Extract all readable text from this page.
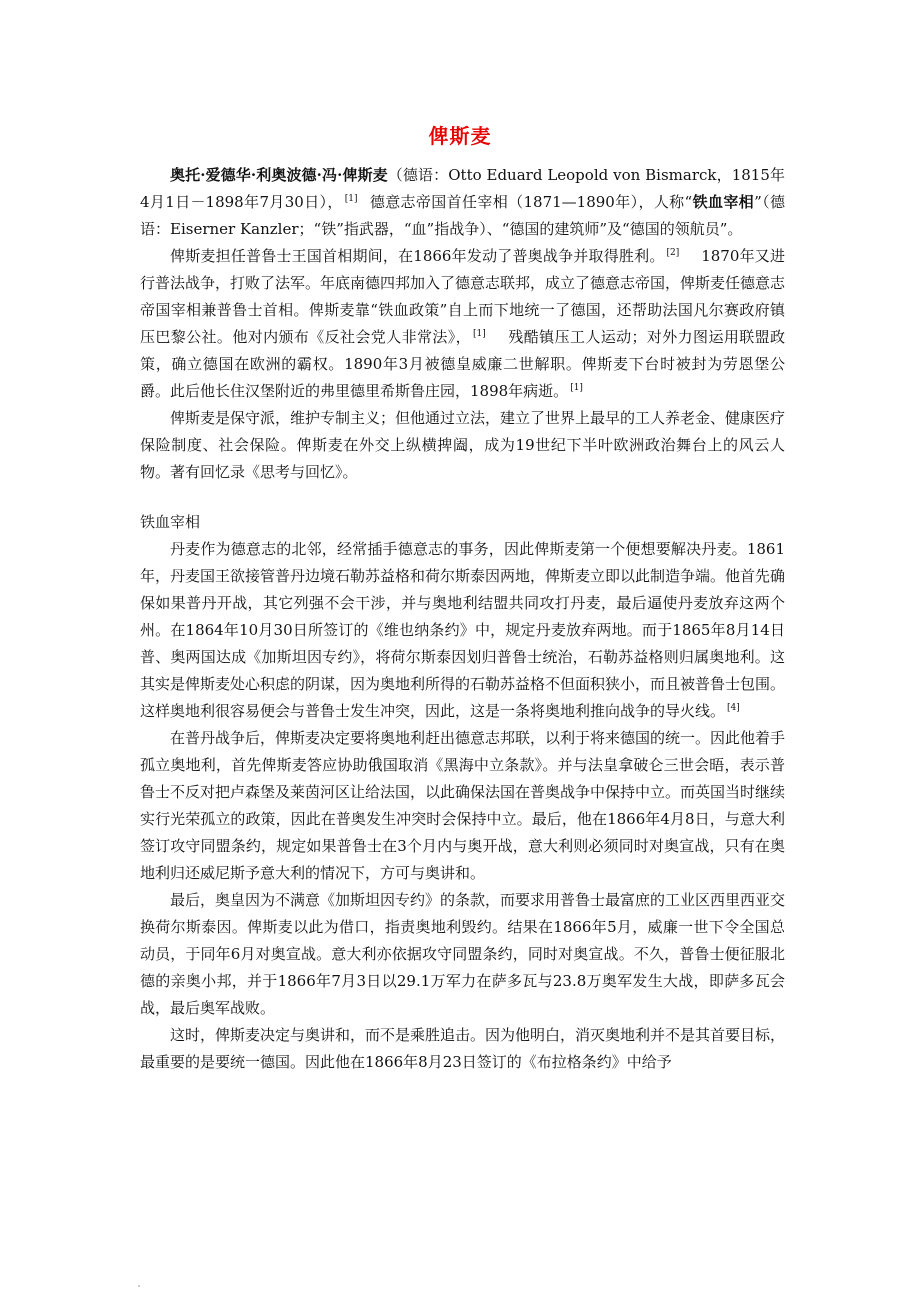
俾斯麦

奥托·爱德华·利奥波德·冯·俾斯麦（德语：Otto Eduard Leopold von Bismarck，1815年4月1日－1898年7月30日）， [1] 德意志帝国首任宰相（1871—1890年），人称“铁血宰相”（德语：Eiserner Kanzler；“铁”指武器，“血”指战争）、“德国的建筑师”及“德国的领航员”。

俾斯麦担任普鲁士王国首相期间，在1866年发动了普奥战争并取得胜利。 [2] 1870年又进行普法战争，打败了法军。年底南德四邦加入了德意志联邦，成立了德意志帝国，俾斯麦任德意志帝国宰相兼普鲁士首相。俾斯麦靠“铁血政策”自上而下地统一了德国，还帮助法国凡尔赛政府镇压巴黎公社。他对内颁布《反社会党人非常法》， [1] 残酷镇压工人运动；对外力图运用联盟政策，确立德国在欧洲的霸权。1890年3月被德皇威廉二世解职。俾斯麦下台时被封为劳恩堡公爵。此后他长住汉堡附近的弗里德里希斯鲁庄园，1898年病逝。 [1]

俾斯麦是保守派，维护专制主义；但他通过立法，建立了世界上最早的工人养老金、健康医疗保险制度、社会保险。俾斯麦在外交上纵横捭阖，成为19世纪下半叶欧洲政治舞台上的风云人物。著有回忆录《思考与回忆》。

铁血宰相

丹麦作为德意志的北邻，经常插手德意志的事务，因此俾斯麦第一个便想要解决丹麦。1861年，丹麦国王欲接管普丹边境石勒苏益格和荷尔斯泰因两地，俾斯麦立即以此制造争端。他首先确保如果普丹开战，其它列强不会干涉，并与奥地利结盟共同攻打丹麦，最后逼使丹麦放弃这两个州。在1864年10月30日所签订的《维也纳条约》中，规定丹麦放弃两地。而于1865年8月14日普、奥两国达成《加斯坦因专约》，将荷尔斯泰因划归普鲁士统治，石勒苏益格则归属奥地利。这其实是俾斯麦处心积虑的阴谋，因为奥地利所得的石勒苏益格不但面积狭小，而且被普鲁士包围。这样奥地利很容易便会与普鲁士发生冲突，因此，这是一条将奥地利推向战争的导火线。 [4]

在普丹战争后，俾斯麦决定要将奥地利赶出德意志邦联，以利于将来德国的统一。因此他着手孤立奥地利，首先俾斯麦答应协助俄国取消《黑海中立条款》。并与法皇拿破仑三世会晤，表示普鲁士不反对把卢森堡及莱茵河区让给法国，以此确保法国在普奥战争中保持中立。而英国当时继续实行光荣孤立的政策，因此在普奥发生冲突时会保持中立。最后，他在1866年4月8日，与意大利签订攻守同盟条约，规定如果普鲁士在3个月内与奥开战，意大利则必须同时对奥宣战，只有在奥地利归还威尼斯予意大利的情况下，方可与奥讲和。

最后，奥皇因为不满意《加斯坦因专约》的条款，而要求用普鲁士最富庶的工业区西里西亚交换荷尔斯泰因。俾斯麦以此为借口，指责奥地利毁约。结果在1866年5月，威廉一世下令全国总动员，于同年6月对奥宣战。意大利亦依据攻守同盟条约，同时对奥宣战。不久，普鲁士便征服北德的亲奥小邦，并于1866年7月3日以29.1万军力在萨多瓦与23.8万奥军发生大战，即萨多瓦会战，最后奥军战败。

这时，俾斯麦决定与奥讲和，而不是乘胜追击。因为他明白，消灭奥地利并不是其首要目标，最重要的是要统一德国。因此他在1866年8月23日签订的《布拉格条约》中给予
